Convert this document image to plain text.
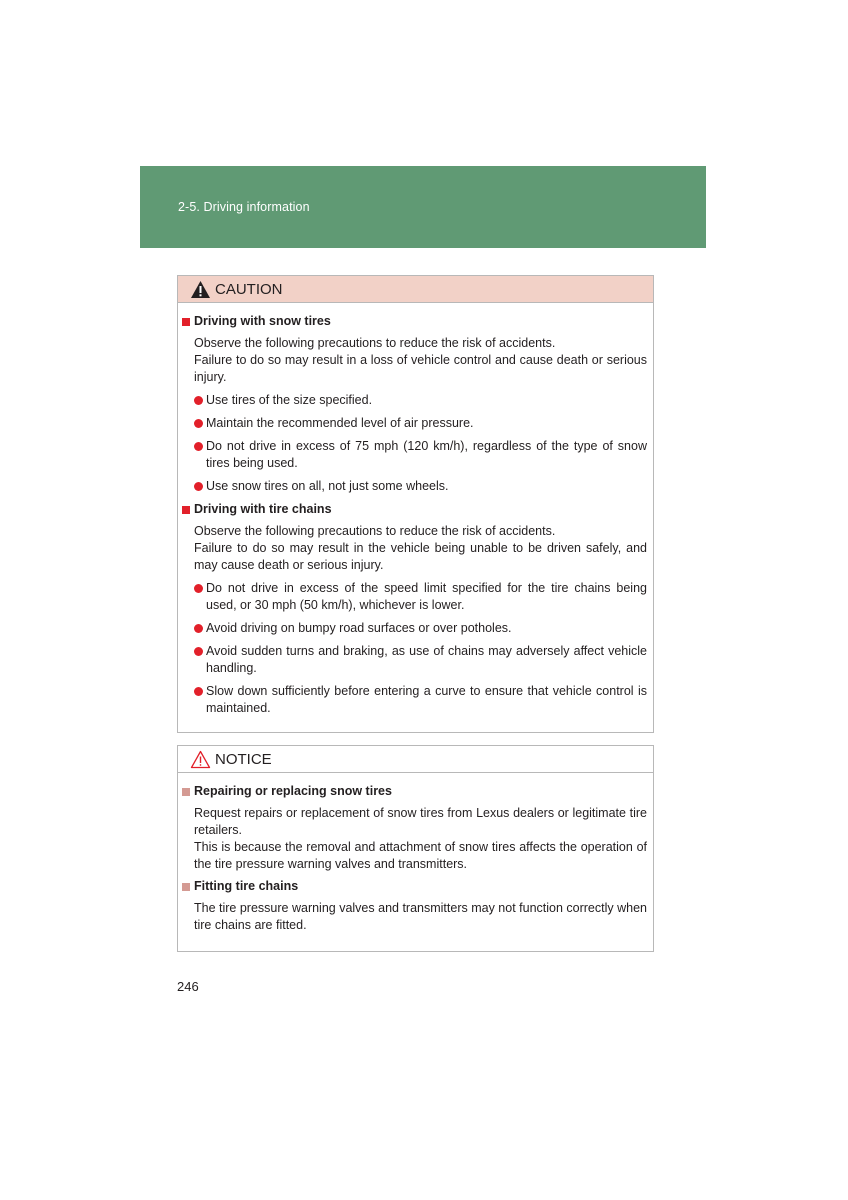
2-5. Driving information
CAUTION
Driving with snow tires
Observe the following precautions to reduce the risk of accidents.
Failure to do so may result in a loss of vehicle control and cause death or serious injury.
Use tires of the size specified.
Maintain the recommended level of air pressure.
Do not drive in excess of 75 mph (120 km/h), regardless of the type of snow tires being used.
Use snow tires on all, not just some wheels.
Driving with tire chains
Observe the following precautions to reduce the risk of accidents.
Failure to do so may result in the vehicle being unable to be driven safely, and may cause death or serious injury.
Do not drive in excess of the speed limit specified for the tire chains being used, or 30 mph (50 km/h), whichever is lower.
Avoid driving on bumpy road surfaces or over potholes.
Avoid sudden turns and braking, as use of chains may adversely affect vehicle handling.
Slow down sufficiently before entering a curve to ensure that vehicle control is maintained.
NOTICE
Repairing or replacing snow tires
Request repairs or replacement of snow tires from Lexus dealers or legitimate tire retailers.
This is because the removal and attachment of snow tires affects the operation of the tire pressure warning valves and transmitters.
Fitting tire chains
The tire pressure warning valves and transmitters may not function correctly when tire chains are fitted.
246
